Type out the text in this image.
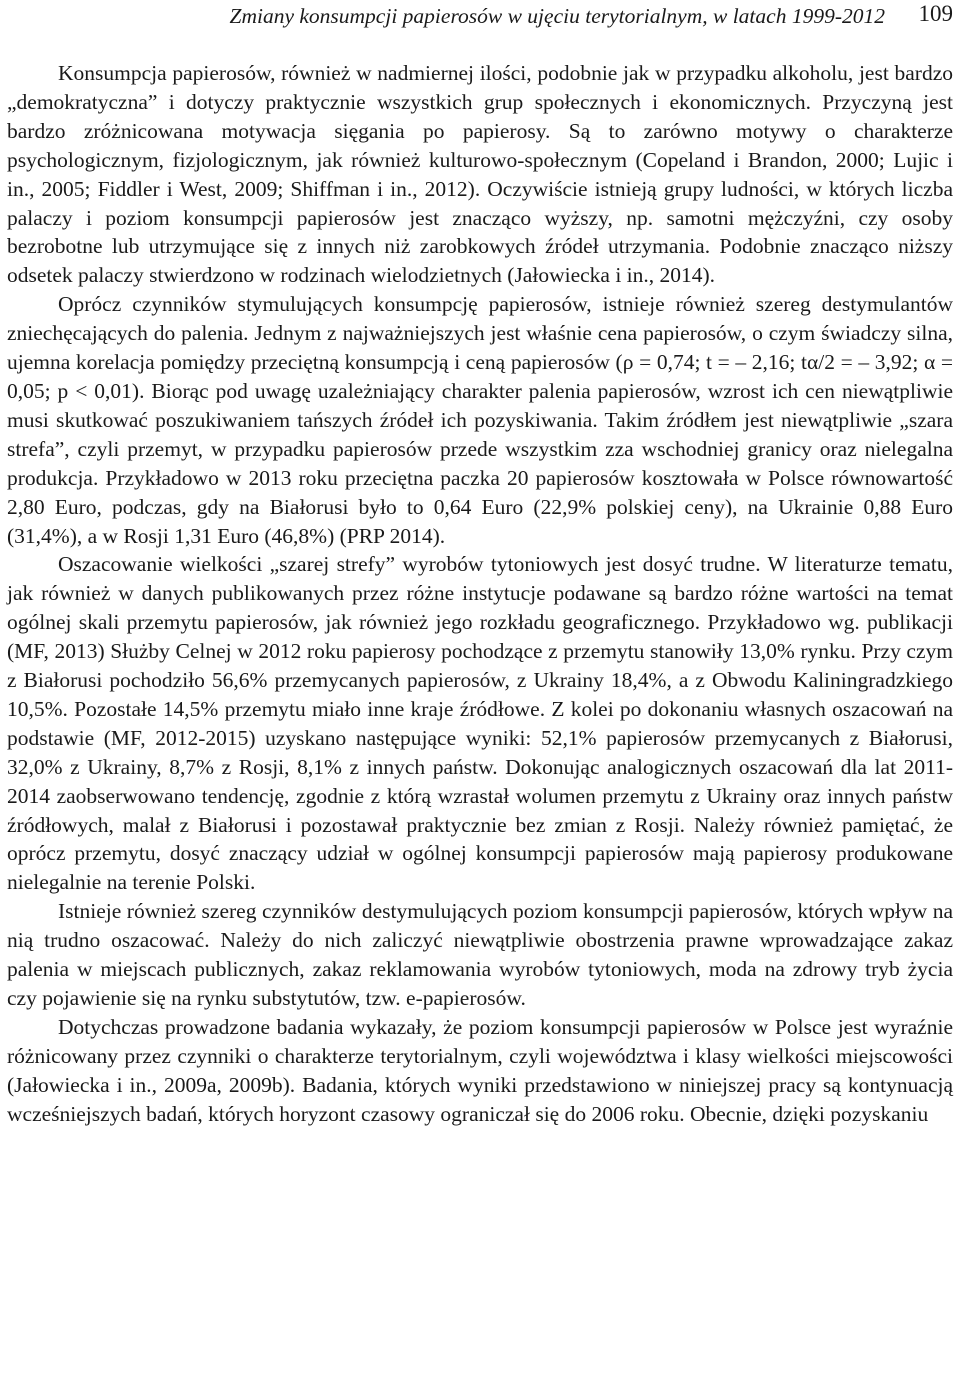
Zmiany konsumpcji papierosów w ujęciu terytorialnym, w latach 1999-2012 109

Konsumpcja papierosów, również w nadmiernej ilości, podobnie jak w przypadku alkoholu, jest bardzo „demokratyczna” i dotyczy praktycznie wszystkich grup społecznych i ekonomicznych. Przyczyną jest bardzo zróżnicowana motywacja sięgania po papierosy. Są to zarówno motywy o charakterze psychologicznym, fizjologicznym, jak również kulturowo-społecznym (Copeland i Brandon, 2000; Lujic i in., 2005; Fiddler i West, 2009; Shiffman i in., 2012). Oczywiście istnieją grupy ludności, w których liczba palaczy i poziom konsumpcji papierosów jest znacząco wyższy, np. samotni mężczyźni, czy osoby bezrobotne lub utrzymujące się z innych niż zarobkowych źródeł utrzymania. Podobnie znacząco niższy odsetek palaczy stwierdzono w rodzinach wielodzietnych (Jałowiecka i in., 2014).

Oprócz czynników stymulujących konsumpcję papierosów, istnieje również szereg destymulantów zniechęcających do palenia. Jednym z najważniejszych jest właśnie cena papierosów, o czym świadczy silna, ujemna korelacja pomiędzy przeciętną konsumpcją i ceną papierosów (ρ = 0,74; t = – 2,16; tα/2 = – 3,92; α = 0,05; p < 0,01). Biorąc pod uwagę uzależniający charakter palenia papierosów, wzrost ich cen niewątpliwie musi skutkować poszukiwaniem tańszych źródeł ich pozyskiwania. Takim źródłem jest niewątpliwie „szara strefa”, czyli przemyt, w przypadku papierosów przede wszystkim zza wschodniej granicy oraz nielegalna produkcja. Przykładowo w 2013 roku przeciętna paczka 20 papierosów kosztowała w Polsce równowartość 2,80 Euro, podczas, gdy na Białorusi było to 0,64 Euro (22,9% polskiej ceny), na Ukrainie 0,88 Euro (31,4%), a w Rosji 1,31 Euro (46,8%) (PRP 2014).

Oszacowanie wielkości „szarej strefy” wyrobów tytoniowych jest dosyć trudne. W literaturze tematu, jak również w danych publikowanych przez różne instytucje podawane są bardzo różne wartości na temat ogólnej skali przemytu papierosów, jak również jego rozkładu geograficznego. Przykładowo wg. publikacji (MF, 2013) Służby Celnej w 2012 roku papierosy pochodzące z przemytu stanowiły 13,0% rynku. Przy czym z Białorusi pochodziło 56,6% przemycanych papierosów, z Ukrainy 18,4%, a z Obwodu Kaliningradzkiego 10,5%. Pozostałe 14,5% przemytu miało inne kraje źródłowe. Z kolei po dokonaniu własnych oszacowań na podstawie (MF, 2012-2015) uzyskano następujące wyniki: 52,1% papierosów przemycanych z Białorusi, 32,0% z Ukrainy, 8,7% z Rosji, 8,1% z innych państw. Dokonując analogicznych oszacowań dla lat 2011-2014 zaobserwowano tendencję, zgodnie z którą wzrastał wolumen przemytu z Ukrainy oraz innych państw źródłowych, malał z Białorusi i pozostawał praktycznie bez zmian z Rosji. Należy również pamiętać, że oprócz przemytu, dosyć znaczący udział w ogólnej konsumpcji papierosów mają papierosy produkowane nielegalnie na terenie Polski.

Istnieje również szereg czynników destymulujących poziom konsumpcji papierosów, których wpływ na nią trudno oszacować. Należy do nich zaliczyć niewątpliwie obostrzenia prawne wprowadzające zakaz palenia w miejscach publicznych, zakaz reklamowania wyrobów tytoniowych, moda na zdrowy tryb życia czy pojawienie się na rynku substytutów, tzw. e-papierosów.

Dotychczas prowadzone badania wykazały, że poziom konsumpcji papierosów w Polsce jest wyraźnie różnicowany przez czynniki o charakterze terytorialnym, czyli województwa i klasy wielkości miejscowości (Jałowiecka i in., 2009a, 2009b). Badania, których wyniki przedstawiono w niniejszej pracy są kontynuacją wcześniejszych badań, których horyzont czasowy ograniczał się do 2006 roku. Obecnie, dzięki pozyskaniu
